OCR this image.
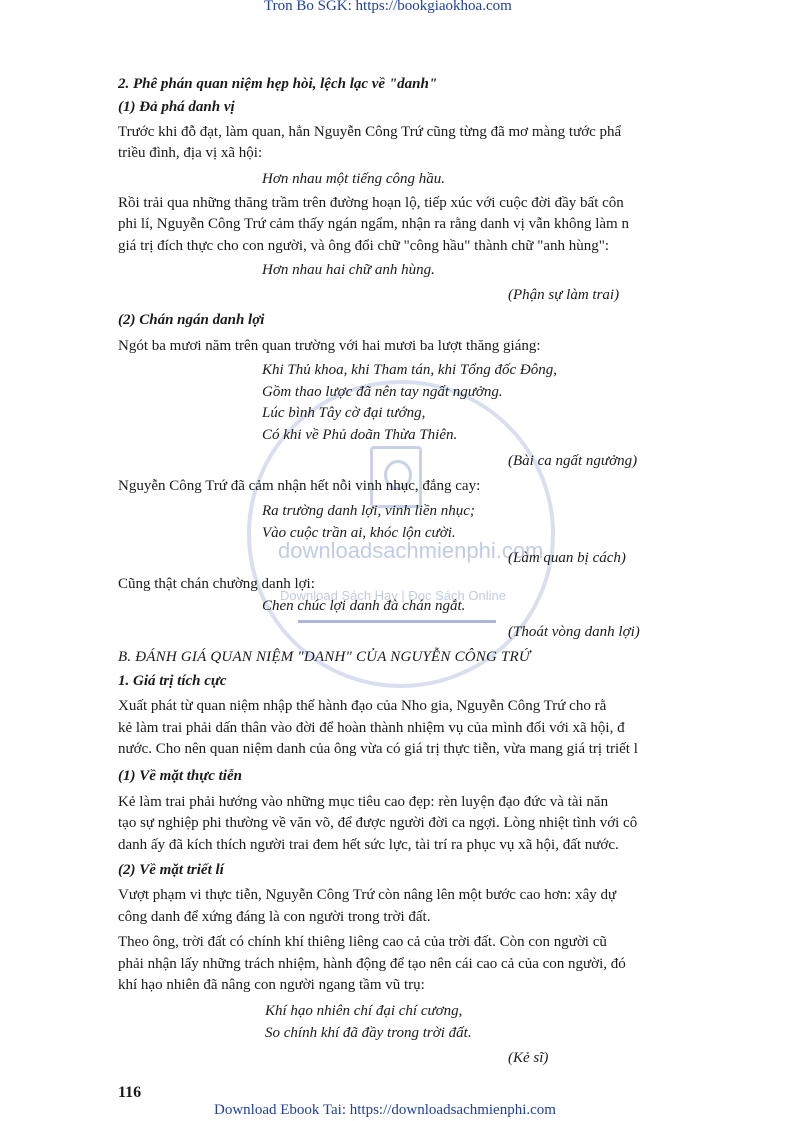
downloadsachmienphi.com
Download Sách Hay | Đọc Sách Online
Tron Bo SGK: https://bookgiaokhoa.com
2. Phê phán quan niệm hẹp hòi, lệch lạc về "danh"
(1) Đả phá danh vị
Trước khi đỗ đạt, làm quan, hẳn Nguyễn Công Trứ cũng từng đã mơ màng tước phẩ
triều đình, địa vị xã hội:
Hơn nhau một tiếng công hầu.
Rồi trải qua những thăng trầm trên đường hoạn lộ, tiếp xúc với cuộc đời đầy bất côn
phi lí, Nguyễn Công Trứ cảm thấy ngán ngẩm, nhận ra rằng danh vị vẫn không làm n
giá trị đích thực cho con người, và ông đổi chữ "công hầu" thành chữ "anh hùng":
Hơn nhau hai chữ anh hùng.
(Phận sự làm trai)
(2) Chán ngán danh lợi
Ngót ba mươi năm trên quan trường với hai mươi ba lượt thăng giáng:
Khi Thủ khoa, khi Tham tán, khi Tổng đốc Đông,
Gồm thao lược đã nên tay ngất ngưởng.
Lúc bình Tây cờ đại tướng,
Có khi về Phủ doãn Thừa Thiên.
(Bài ca ngất ngưởng)
Nguyễn Công Trứ đã cảm nhận hết nỗi vinh nhục, đắng cay:
Ra trường danh lợi, vinh liền nhục;
Vào cuộc trần ai, khóc lộn cười.
(Làm quan bị cách)
Cũng thật chán chường danh lợi:
Chen chúc lợi danh đà chán ngắt.
(Thoát vòng danh lợi)
B. ĐÁNH GIÁ QUAN NIỆM "DANH" CỦA NGUYỄN CÔNG TRỨ
1. Giá trị tích cực
Xuất phát từ quan niệm nhập thế hành đạo của Nho gia, Nguyễn Công Trứ cho rằ
kẻ làm trai phải dấn thân vào đời để hoàn thành nhiệm vụ của mình đối với xã hội, đ
nước. Cho nên quan niệm danh của ông vừa có giá trị thực tiễn, vừa mang giá trị triết l
(1) Về mặt thực tiễn
Kẻ làm trai phải hướng vào những mục tiêu cao đẹp: rèn luyện đạo đức và tài năn
tạo sự nghiệp phi thường về văn võ, để được người đời ca ngợi. Lòng nhiệt tình với cô
danh ấy đã kích thích người trai đem hết sức lực, tài trí ra phục vụ xã hội, đất nước.
(2) Về mặt triết lí
Vượt phạm vi thực tiễn, Nguyễn Công Trứ còn nâng lên một bước cao hơn: xây dự
công danh để xứng đáng là con người trong trời đất.
Theo ông, trời đất có chính khí thiêng liêng cao cả của trời đất. Còn con người cũ
phải nhận lấy những trách nhiệm, hành động để tạo nên cái cao cả của con người, đó
khí hạo nhiên đã nâng con người ngang tầm vũ trụ:
Khí hạo nhiên chí đại chí cương,
So chính khí đã đầy trong trời đất.
(Kẻ sĩ)
116
Download Ebook Tai: https://downloadsachmienphi.com
